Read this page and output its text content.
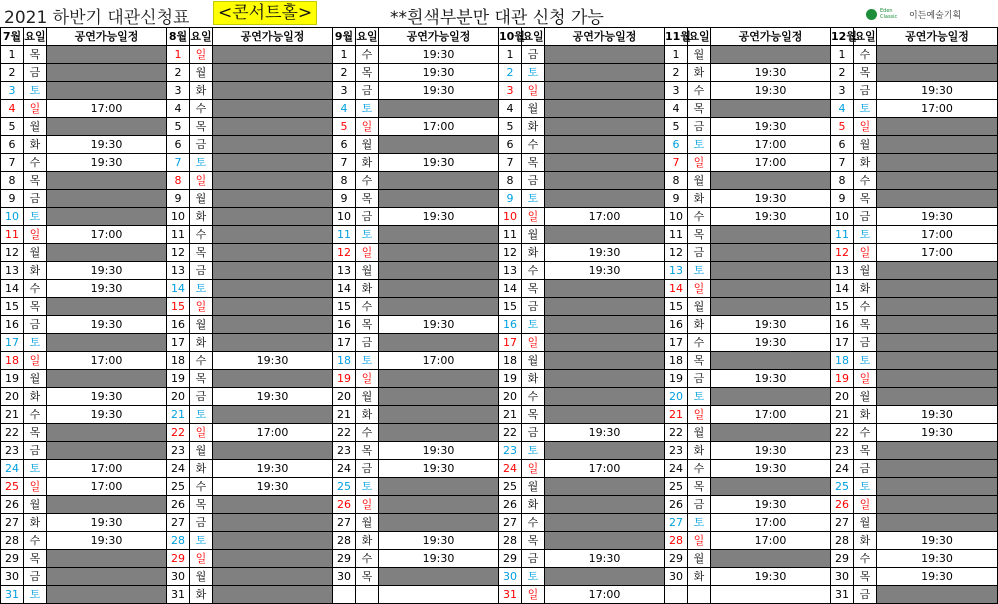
2021 하반기 대관신청표 <콘서트홀>	**흰색부분만 대관 신청 가능	Eden Classic	이든예술기획
7월	요일	공연가능일정	8월	요일	공연가능일정	9월	요일	공연가능일정	10월	요일	공연가능일정	11월	요일	공연가능일정	12월	요일	공연가능일정
1	목		1	일		1	수	19:30	1	금		1	월		1	수	
2	금		2	월		2	목	19:30	2	토		2	화	19:30	2	목	
3	토		3	화		3	금	19:30	3	일		3	수	19:30	3	금	19:30
4	일	17:00	4	수		4	토		4	월		4	목		4	토	17:00
5	월		5	목		5	일	17:00	5	화		5	금	19:30	5	일	
6	화	19:30	6	금		6	월		6	수		6	토	17:00	6	월	
7	수	19:30	7	토		7	화	19:30	7	목		7	일	17:00	7	화	
8	목		8	일		8	수		8	금		8	월		8	수	
9	금		9	월		9	목		9	토		9	화	19:30	9	목	
10	토		10	화		10	금	19:30	10	일	17:00	10	수	19:30	10	금	19:30
11	일	17:00	11	수		11	토		11	월		11	목		11	토	17:00
12	월		12	목		12	일		12	화	19:30	12	금		12	일	17:00
13	화	19:30	13	금		13	월		13	수	19:30	13	토		13	월	
14	수	19:30	14	토		14	화		14	목		14	일		14	화	
15	목		15	일		15	수		15	금		15	월		15	수	
16	금	19:30	16	월		16	목	19:30	16	토		16	화	19:30	16	목	
17	토		17	화		17	금		17	일		17	수	19:30	17	금	
18	일	17:00	18	수	19:30	18	토	17:00	18	월		18	목		18	토	
19	월		19	목		19	일		19	화		19	금	19:30	19	일	
20	화	19:30	20	금	19:30	20	월		20	수		20	토		20	월	
21	수	19:30	21	토		21	화		21	목		21	일	17:00	21	화	19:30
22	목		22	일	17:00	22	수		22	금	19:30	22	월		22	수	19:30
23	금		23	월		23	목	19:30	23	토		23	화	19:30	23	목	
24	토	17:00	24	화	19:30	24	금	19:30	24	일	17:00	24	수	19:30	24	금	
25	일	17:00	25	수	19:30	25	토		25	월		25	목		25	토	
26	월		26	목		26	일		26	화		26	금	19:30	26	일	
27	화	19:30	27	금		27	월		27	수		27	토	17:00	27	월	
28	수	19:30	28	토		28	화	19:30	28	목		28	일	17:00	28	화	19:30
29	목		29	일		29	수	19:30	29	금	19:30	29	월		29	수	19:30
30	금		30	월		30	목		30	토		30	화	19:30	30	목	19:30
31	토		31	화					31	일	17:00				31	금	
